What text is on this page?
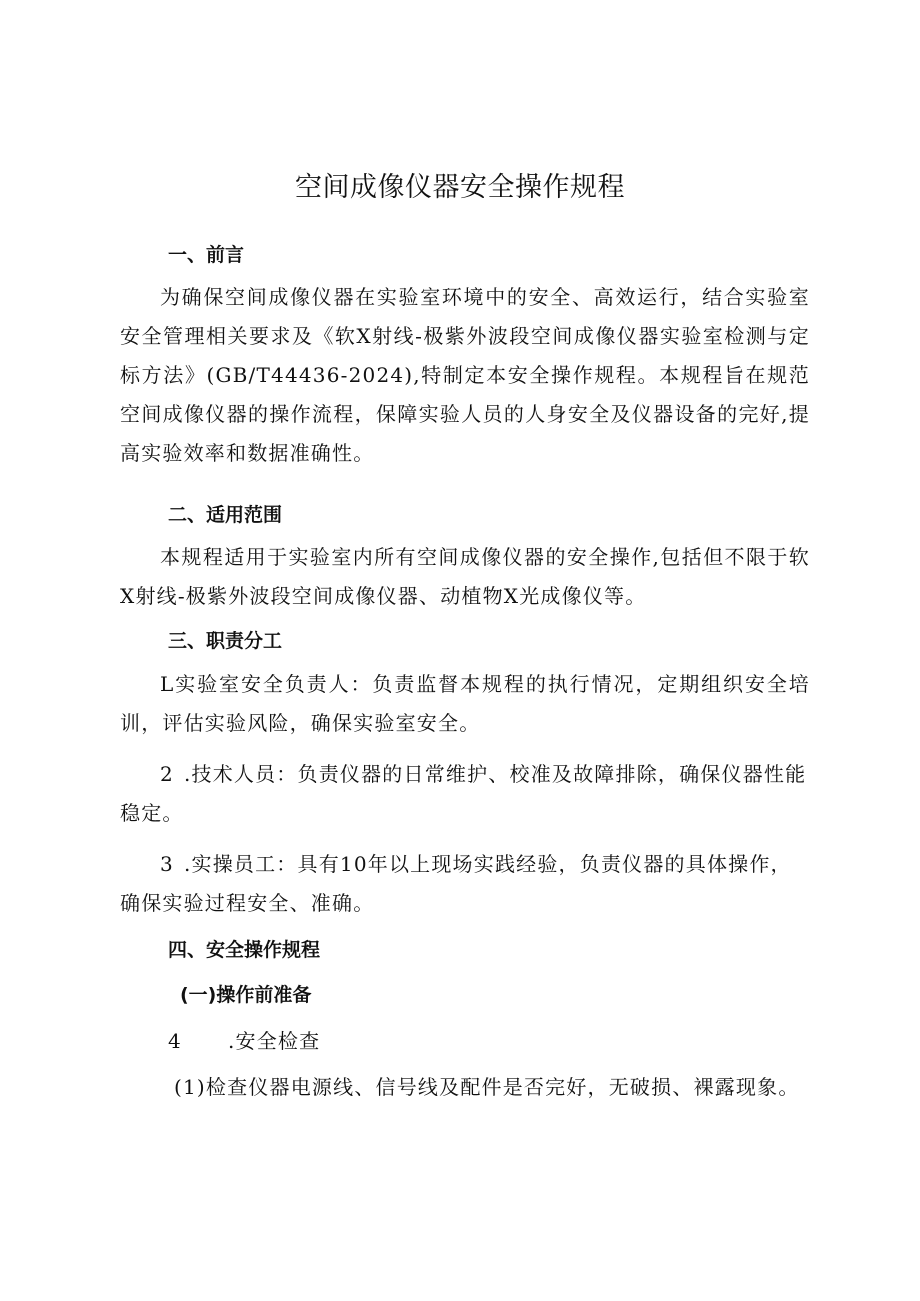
空间成像仪器安全操作规程
一、前言
为确保空间成像仪器在实验室环境中的安全、高效运行，结合实验室安全管理相关要求及《软X射线-极紫外波段空间成像仪器实验室检测与定标方法》(GB/T44436-2024),特制定本安全操作规程。本规程旨在规范空间成像仪器的操作流程，保障实验人员的人身安全及仪器设备的完好,提高实验效率和数据准确性。
二、适用范围
本规程适用于实验室内所有空间成像仪器的安全操作,包括但不限于软X射线-极紫外波段空间成像仪器、动植物X光成像仪等。
三、职责分工
L实验室安全负责人：负责监督本规程的执行情况，定期组织安全培训，评估实验风险，确保实验室安全。
2 .技术人员：负责仪器的日常维护、校准及故障排除，确保仪器性能稳定。
3 .实操员工：具有10年以上现场实践经验，负责仪器的具体操作，确保实验过程安全、准确。
四、安全操作规程
(一)操作前准备
4 .安全检查
(1)检查仪器电源线、信号线及配件是否完好，无破损、裸露现象。
